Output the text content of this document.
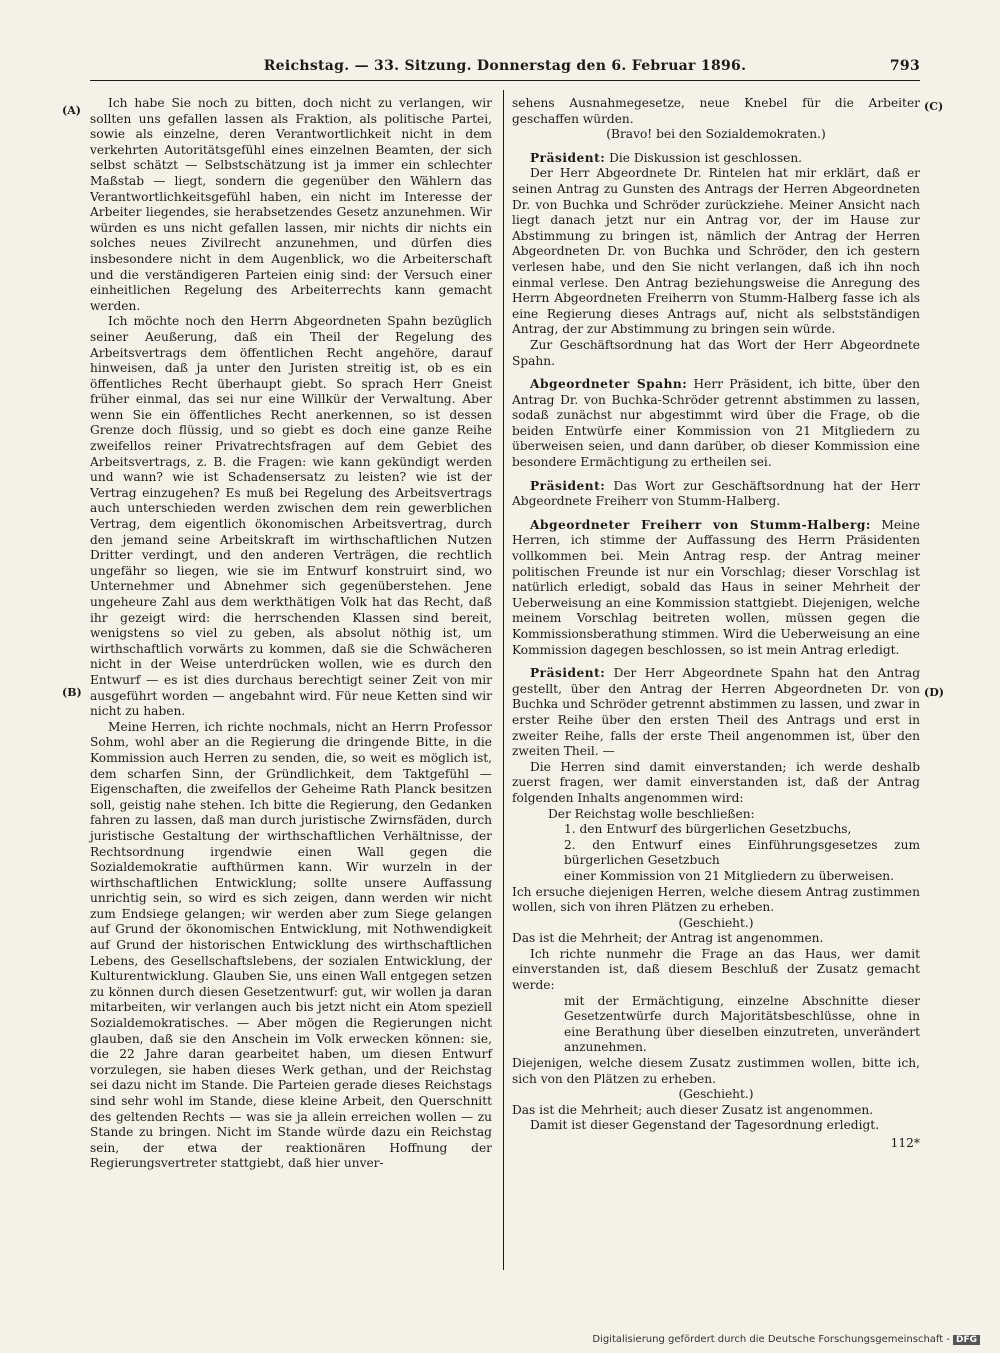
Reichstag. — 33. Sitzung. Donnerstag den 6. Februar 1896.	793
(A)
(B)
(C)
(D)

Ich habe Sie noch zu bitten, doch nicht zu verlangen, wir sollten uns gefallen lassen als Fraktion, als politische Partei, sowie als einzelne, deren Verantwortlichkeit nicht in dem verkehrten Autoritätsgefühl eines einzelnen Beamten, der sich selbst schätzt — Selbstschätzung ist ja immer ein schlechter Maßstab — liegt, sondern die gegenüber den Wählern das Verantwortlichkeitsgefühl haben, ein nicht im Interesse der Arbeiter liegendes, sie herabsetzendes Gesetz anzunehmen. Wir würden es uns nicht gefallen lassen, mir nichts dir nichts ein solches neues Zivilrecht anzunehmen, und dürfen dies insbesondere nicht in dem Augenblick, wo die Arbeiterschaft und die verständigeren Parteien einig sind: der Versuch einer einheitlichen Regelung des Arbeiterrechts kann gemacht werden.

Ich möchte noch den Herrn Abgeordneten Spahn bezüglich seiner Aeußerung, daß ein Theil der Regelung des Arbeitsvertrags dem öffentlichen Recht angehöre, darauf hinweisen, daß ja unter den Juristen streitig ist, ob es ein öffentliches Recht überhaupt giebt. So sprach Herr Gneist früher einmal, das sei nur eine Willkür der Verwaltung. Aber wenn Sie ein öffentliches Recht anerkennen, so ist dessen Grenze doch flüssig, und so giebt es doch eine ganze Reihe zweifellos reiner Privatrechtsfragen auf dem Gebiet des Arbeitsvertrags, z. B. die Fragen: wie kann gekündigt werden und wann? wie ist Schadensersatz zu leisten? wie ist der Vertrag einzugehen? Es muß bei Regelung des Arbeitsvertrags auch unterschieden werden zwischen dem rein gewerblichen Vertrag, dem eigentlich ökonomischen Arbeitsvertrag, durch den jemand seine Arbeitskraft im wirthschaftlichen Nutzen Dritter verdingt, und den anderen Verträgen, die rechtlich ungefähr so liegen, wie sie im Entwurf konstruirt sind, wo Unternehmer und Abnehmer sich gegenüberstehen. Jene ungeheure Zahl aus dem werkthätigen Volk hat das Recht, daß ihr gezeigt wird: die herrschenden Klassen sind bereit, wenigstens so viel zu geben, als absolut nöthig ist, um wirthschaftlich vorwärts zu kommen, daß sie die Schwächeren nicht in der Weise unterdrücken wollen, wie es durch den Entwurf — es ist dies durchaus berechtigt seiner Zeit von mir ausgeführt worden — angebahnt wird. Für neue Ketten sind wir nicht zu haben.

Meine Herren, ich richte nochmals, nicht an Herrn Professor Sohm, wohl aber an die Regierung die dringende Bitte, in die Kommission auch Herren zu senden, die, so weit es möglich ist, dem scharfen Sinn, der Gründlichkeit, dem Taktgefühl — Eigenschaften, die zweifellos der Geheime Rath Planck besitzen soll, geistig nahe stehen. Ich bitte die Regierung, den Gedanken fahren zu lassen, daß man durch juristische Zwirnsfäden, durch juristische Gestaltung der wirthschaftlichen Verhältnisse, der Rechtsordnung irgendwie einen Wall gegen die Sozialdemokratie aufthürmen kann. Wir wurzeln in der wirthschaftlichen Entwicklung; sollte unsere Auffassung unrichtig sein, so wird es sich zeigen, dann werden wir nicht zum Endsiege gelangen; wir werden aber zum Siege gelangen auf Grund der ökonomischen Entwicklung, mit Nothwendigkeit auf Grund der historischen Entwicklung des wirthschaftlichen Lebens, des Gesellschaftslebens, der sozialen Entwicklung, der Kulturentwicklung. Glauben Sie, uns einen Wall entgegen setzen zu können durch diesen Gesetzentwurf: gut, wir wollen ja daran mitarbeiten, wir verlangen auch bis jetzt nicht ein Atom speziell Sozialdemokratisches. — Aber mögen die Regierungen nicht glauben, daß sie den Anschein im Volk erwecken können: sie, die 22 Jahre daran gearbeitet haben, um diesen Entwurf vorzulegen, sie haben dieses Werk gethan, und der Reichstag sei dazu nicht im Stande. Die Parteien gerade dieses Reichstags sind sehr wohl im Stande, diese kleine Arbeit, den Querschnitt des geltenden Rechts — was sie ja allein erreichen wollen — zu Stande zu bringen. Nicht im Stande würde dazu ein Reichstag sein, der etwa der reaktionären Hoffnung der Regierungsvertreter stattgiebt, daß hier unver-

sehens Ausnahmegesetze, neue Knebel für die Arbeiter geschaffen würden.

(Bravo! bei den Sozialdemokraten.)

Präsident: Die Diskussion ist geschlossen.

Der Herr Abgeordnete Dr. Rintelen hat mir erklärt, daß er seinen Antrag zu Gunsten des Antrags der Herren Abgeordneten Dr. von Buchka und Schröder zurückziehe. Meiner Ansicht nach liegt danach jetzt nur ein Antrag vor, der im Hause zur Abstimmung zu bringen ist, nämlich der Antrag der Herren Abgeordneten Dr. von Buchka und Schröder, den ich gestern verlesen habe, und den Sie nicht verlangen, daß ich ihn noch einmal verlese. Den Antrag beziehungsweise die Anregung des Herrn Abgeordneten Freiherrn von Stumm-Halberg fasse ich als eine Regierung dieses Antrags auf, nicht als selbstständigen Antrag, der zur Abstimmung zu bringen sein würde.

Zur Geschäftsordnung hat das Wort der Herr Abgeordnete Spahn.

Abgeordneter Spahn: Herr Präsident, ich bitte, über den Antrag Dr. von Buchka-Schröder getrennt abstimmen zu lassen, sodaß zunächst nur abgestimmt wird über die Frage, ob die beiden Entwürfe einer Kommission von 21 Mitgliedern zu überweisen seien, und dann darüber, ob dieser Kommission eine besondere Ermächtigung zu ertheilen sei.

Präsident: Das Wort zur Geschäftsordnung hat der Herr Abgeordnete Freiherr von Stumm-Halberg.

Abgeordneter Freiherr von Stumm-Halberg: Meine Herren, ich stimme der Auffassung des Herrn Präsidenten vollkommen bei. Mein Antrag resp. der Antrag meiner politischen Freunde ist nur ein Vorschlag; dieser Vorschlag ist natürlich erledigt, sobald das Haus in seiner Mehrheit der Ueberweisung an eine Kommission stattgiebt. Diejenigen, welche meinem Vorschlag beitreten wollen, müssen gegen die Kommissionsberathung stimmen. Wird die Ueberweisung an eine Kommission dagegen beschlossen, so ist mein Antrag erledigt.

Präsident: Der Herr Abgeordnete Spahn hat den Antrag gestellt, über den Antrag der Herren Abgeordneten Dr. von Buchka und Schröder getrennt abstimmen zu lassen, und zwar in erster Reihe über den ersten Theil des Antrags und erst in zweiter Reihe, falls der erste Theil angenommen ist, über den zweiten Theil. —

Die Herren sind damit einverstanden; ich werde deshalb zuerst fragen, wer damit einverstanden ist, daß der Antrag folgenden Inhalts angenommen wird:

Der Reichstag wolle beschließen:

1. den Entwurf des bürgerlichen Gesetzbuchs,

2. den Entwurf eines Einführungsgesetzes zum bürgerlichen Gesetzbuch

einer Kommission von 21 Mitgliedern zu überweisen.

Ich ersuche diejenigen Herren, welche diesem Antrag zustimmen wollen, sich von ihren Plätzen zu erheben.

(Geschieht.)

Das ist die Mehrheit; der Antrag ist angenommen.

Ich richte nunmehr die Frage an das Haus, wer damit einverstanden ist, daß diesem Beschluß der Zusatz gemacht werde:

mit der Ermächtigung, einzelne Abschnitte dieser Gesetzentwürfe durch Majoritätsbeschlüsse, ohne in eine Berathung über dieselben einzutreten, unverändert anzunehmen.

Diejenigen, welche diesem Zusatz zustimmen wollen, bitte ich, sich von den Plätzen zu erheben.

(Geschieht.)

Das ist die Mehrheit; auch dieser Zusatz ist angenommen.

Damit ist dieser Gegenstand der Tagesordnung erledigt.

112*

Digitalisierung gefördert durch die Deutsche Forschungsgemeinschaft - DFG
